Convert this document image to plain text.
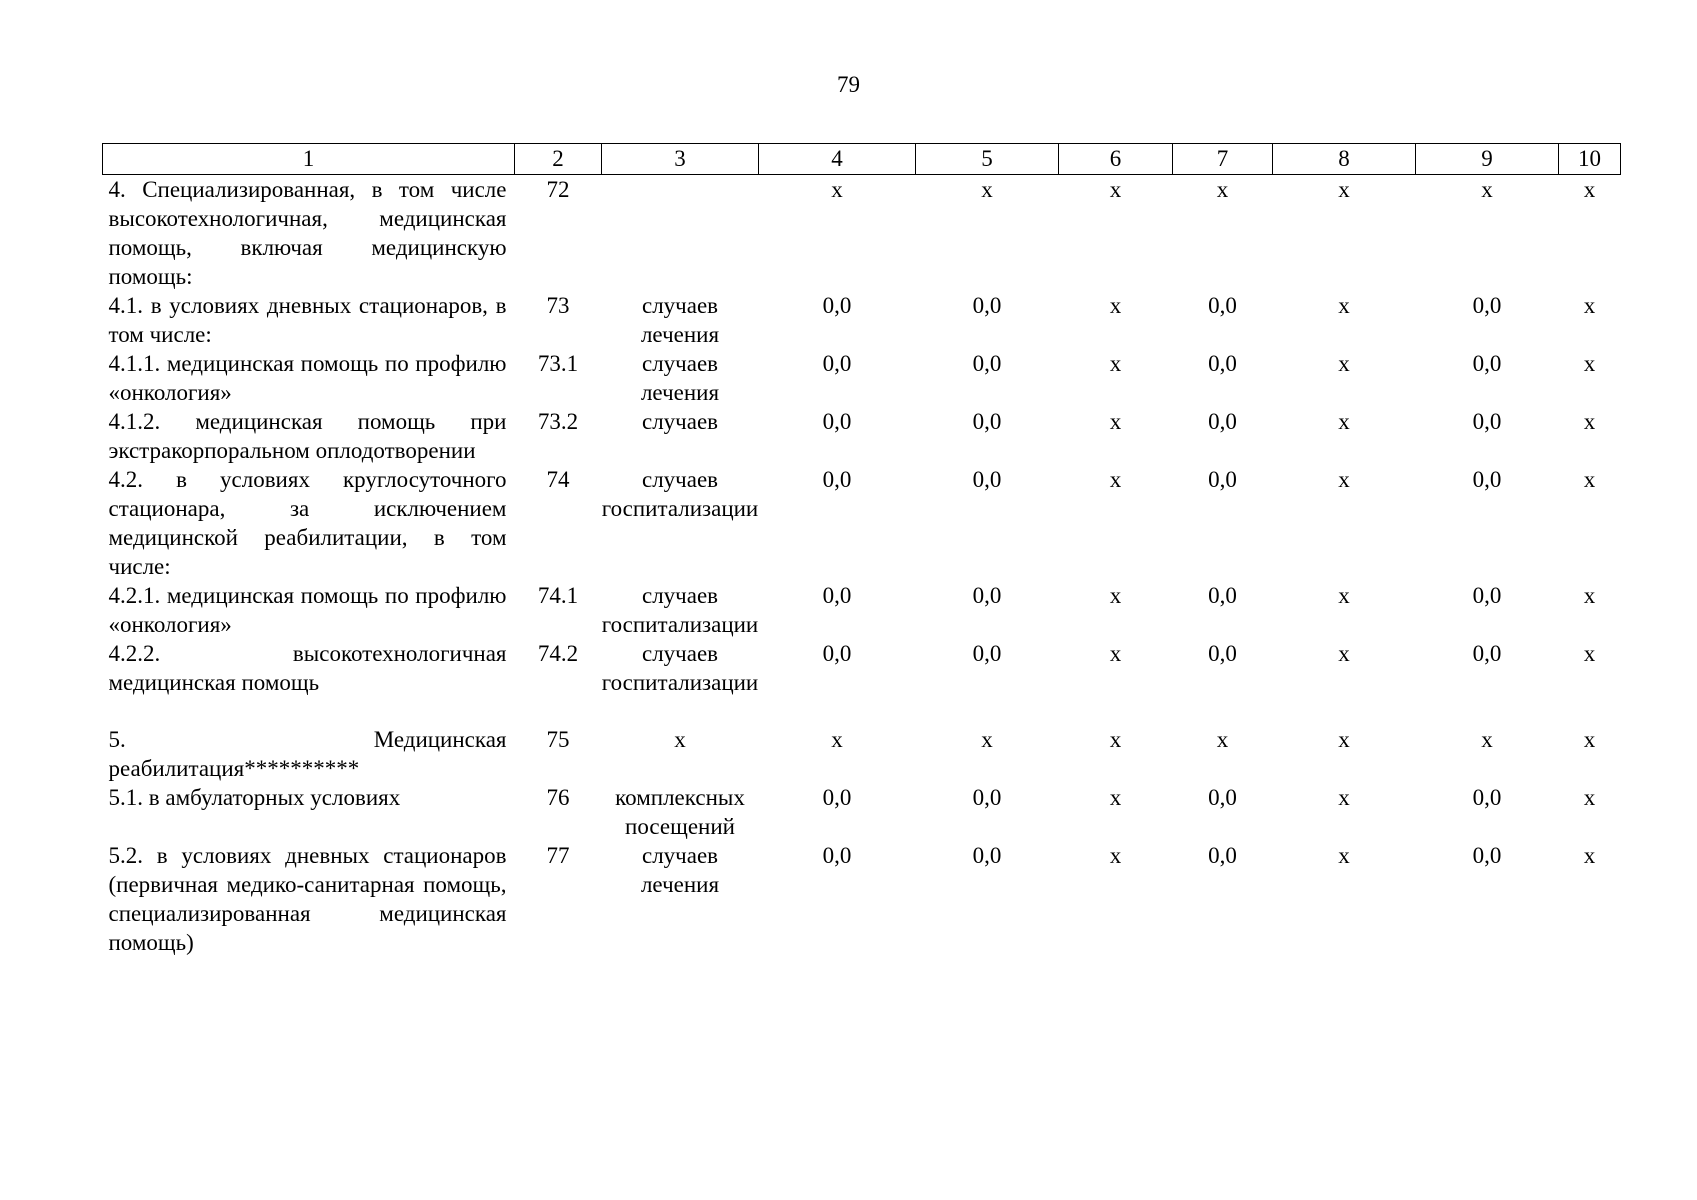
79
1	2	3	4	5	6	7	8	9	10
4. Специализированная, в том числе высокотехнологичная, медицинская помощь, включая медицинскую помощь:	72		х	х	х	х	х	х	х
4.1. в условиях дневных стационаров, в том числе:	73	случаев лечения	0,0	0,0	х	0,0	х	0,0	х
4.1.1. медицинская помощь по профилю «онкология»	73.1	случаев лечения	0,0	0,0	х	0,0	х	0,0	х
4.1.2. медицинская помощь при экстракорпоральном оплодотворении	73.2	случаев	0,0	0,0	х	0,0	х	0,0	х
4.2. в условиях круглосуточного стационара, за исключением медицинской реабилитации, в том числе:	74	случаев госпитализации	0,0	0,0	х	0,0	х	0,0	х
4.2.1. медицинская помощь по профилю «онкология»	74.1	случаев госпитализации	0,0	0,0	х	0,0	х	0,0	х
4.2.2. высокотехнологичная медицинская помощь	74.2	случаев госпитализации	0,0	0,0	х	0,0	х	0,0	х

5. Медицинская реабилитация**********	75	х	х	х	х	х	х	х	х
5.1. в амбулаторных условиях	76	комплексных посещений	0,0	0,0	х	0,0	х	0,0	х
5.2. в условиях дневных стационаров (первичная медико-санитарная помощь, специализированная медицинская помощь)	77	случаев лечения	0,0	0,0	х	0,0	х	0,0	х
